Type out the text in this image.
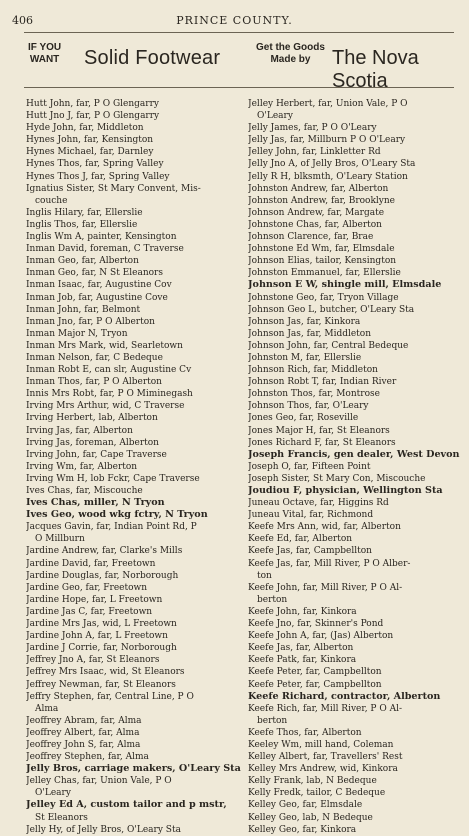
406	PRINCE COUNTY.
IF YOU
WANT Solid Footwear	Get the Goods
Made by	The Nova Scotia
Hutt John, far, P O Glengarry
Hutt Jno J, far, P O Glengarry
Hyde John, far, Middleton
Hynes John, far, Kensington
Hynes Michael, far, Darnley
Hynes Thos, far, Spring Valley
Hynes Thos J, far, Spring Valley
Ignatius Sister, St Mary Convent, Mis-
couche
Inglis Hilary, far, Ellerslie
Inglis Thos, far, Ellerslie
Inglis Wm A, painter, Kensington
Inman David, foreman, C Traverse
Inman Geo, far, Alberton
Inman Geo, far, N St Eleanors
Inman Isaac, far, Augustine Cov
Inman Job, far, Augustine Cove
Inman John, far, Belmont
Inman Jno, far, P O Alberton
Inman Major N, Tryon
Inman Mrs Mark, wid, Searletown
Inman Nelson, far, C Bedeque
Inman Robt E, can slr, Augustine Cv
Inman Thos, far, P O Alberton
Innis Mrs Robt, far, P O Miminegash
Irving Mrs Arthur, wid, C Traverse
Irving Herbert, lab, Alberton
Irving Jas, far, Alberton
Irving Jas, foreman, Alberton
Irving John, far, Cape Traverse
Irving Wm, far, Alberton
Irving Wm H, lob Fckr, Cape Traverse
Ives Chas, far, Miscouche
Ives Chas, miller, N Tryon
Ives Geo, wood wkg fctry, N Tryon
Jacques Gavin, far, Indian Point Rd, P
O Millburn
Jardine Andrew, far, Clarke's Mills
Jardine David, far, Freetown
Jardine Douglas, far, Norborough
Jardine Geo, far, Freetown
Jardine Hope, far, L Freetown
Jardine Jas C, far, Freetown
Jardine Mrs Jas, wid, L Freetown
Jardine John A, far, L Freetown
Jardine J Corrie, far, Norborough
Jeffrey Jno A, far, St Eleanors
Jeffrey Mrs Isaac, wid, St Eleanors
Jeffrey Newman, far, St Eleanors
Jeffry Stephen, far, Central Line, P O
Alma
Jeoffrey Abram, far, Alma
Jeoffrey Albert, far, Alma
Jeoffrey John S, far, Alma
Jeoffrey Stephen, far, Alma
Jelly Bros, carriage makers, O'Leary Sta
Jelley Chas, far, Union Vale, P O
O'Leary
Jelley Ed A, custom tailor and p mstr,
St Eleanors
Jelly Hy, of Jelly Bros, O'Leary Sta
Jelley Herbert, far, Union Vale, P O
O'Leary
Jelly James, far, P O O'Leary
Jelly Jas, far, Millburn P O O'Leary
Jelley John, far, Linkletter Rd
Jelly Jno A, of Jelly Bros, O'Leary Sta
Jelly R H, blksmth, O'Leary Station
Johnston Andrew, far, Alberton
Johnston Andrew, far, Brooklyne
Johnson Andrew, far, Margate
Johnstone Chas, far, Alberton
Johnson Clarence, far, Brae
Johnstone Ed Wm, far, Elmsdale
Johnson Elias, tailor, Kensington
Johnston Emmanuel, far, Ellerslie
Johnson E W, shingle mill, Elmsdale
Johnstone Geo, far, Tryon Village
Johnson Geo L, butcher, O'Leary Sta
Johnson Jas, far, Kinkora
Johnson Jas, far, Middleton
Johnson John, far, Central Bedeque
Johnston M, far, Ellerslie
Johnson Rich, far, Middleton
Johnson Robt T, far, Indian River
Johnston Thos, far, Montrose
Johnson Thos, far, O'Leary
Jones Geo, far, Roseville
Jones Major H, far, St Eleanors
Jones Richard F, far, St Eleanors
Joseph Francis, gen dealer, West Devon
Joseph O, far, Fifteen Point
Joseph Sister, St Mary Con, Miscouche
Joudiou F, physician, Wellington Sta
Juneau Octave, far, Higgins Rd
Juneau Vital, far, Richmond
Keefe Mrs Ann, wid, far, Alberton
Keefe Ed, far, Alberton
Keefe Jas, far, Campbellton
Keefe Jas, far, Mill River, P O Alber-
ton
Keefe John, far, Mill River, P O Al-
berton
Keefe John, far, Kinkora
Keefe Jno, far, Skinner's Pond
Keefe John A, far, (Jas) Alberton
Keefe Jas, far, Alberton
Keefe Patk, far, Kinkora
Keefe Peter, far, Campbellton
Keefe Peter, far, Campbellton
Keefe Richard, contractor, Alberton
Keefe Rich, far, Mill River, P O Al-
berton
Keefe Thos, far, Alberton
Keeley Wm, mill hand, Coleman
Kelley Albert, far, Travellers' Rest
Kelley Mrs Andrew, wid, Kinkora
Kelly Frank, lab, N Bedeque
Kelly Fredk, tailor, C Bedeque
Kelley Geo, far, Elmsdale
Kelley Geo, lab, N Bedeque
Kelley Geo, far, Kinkora
